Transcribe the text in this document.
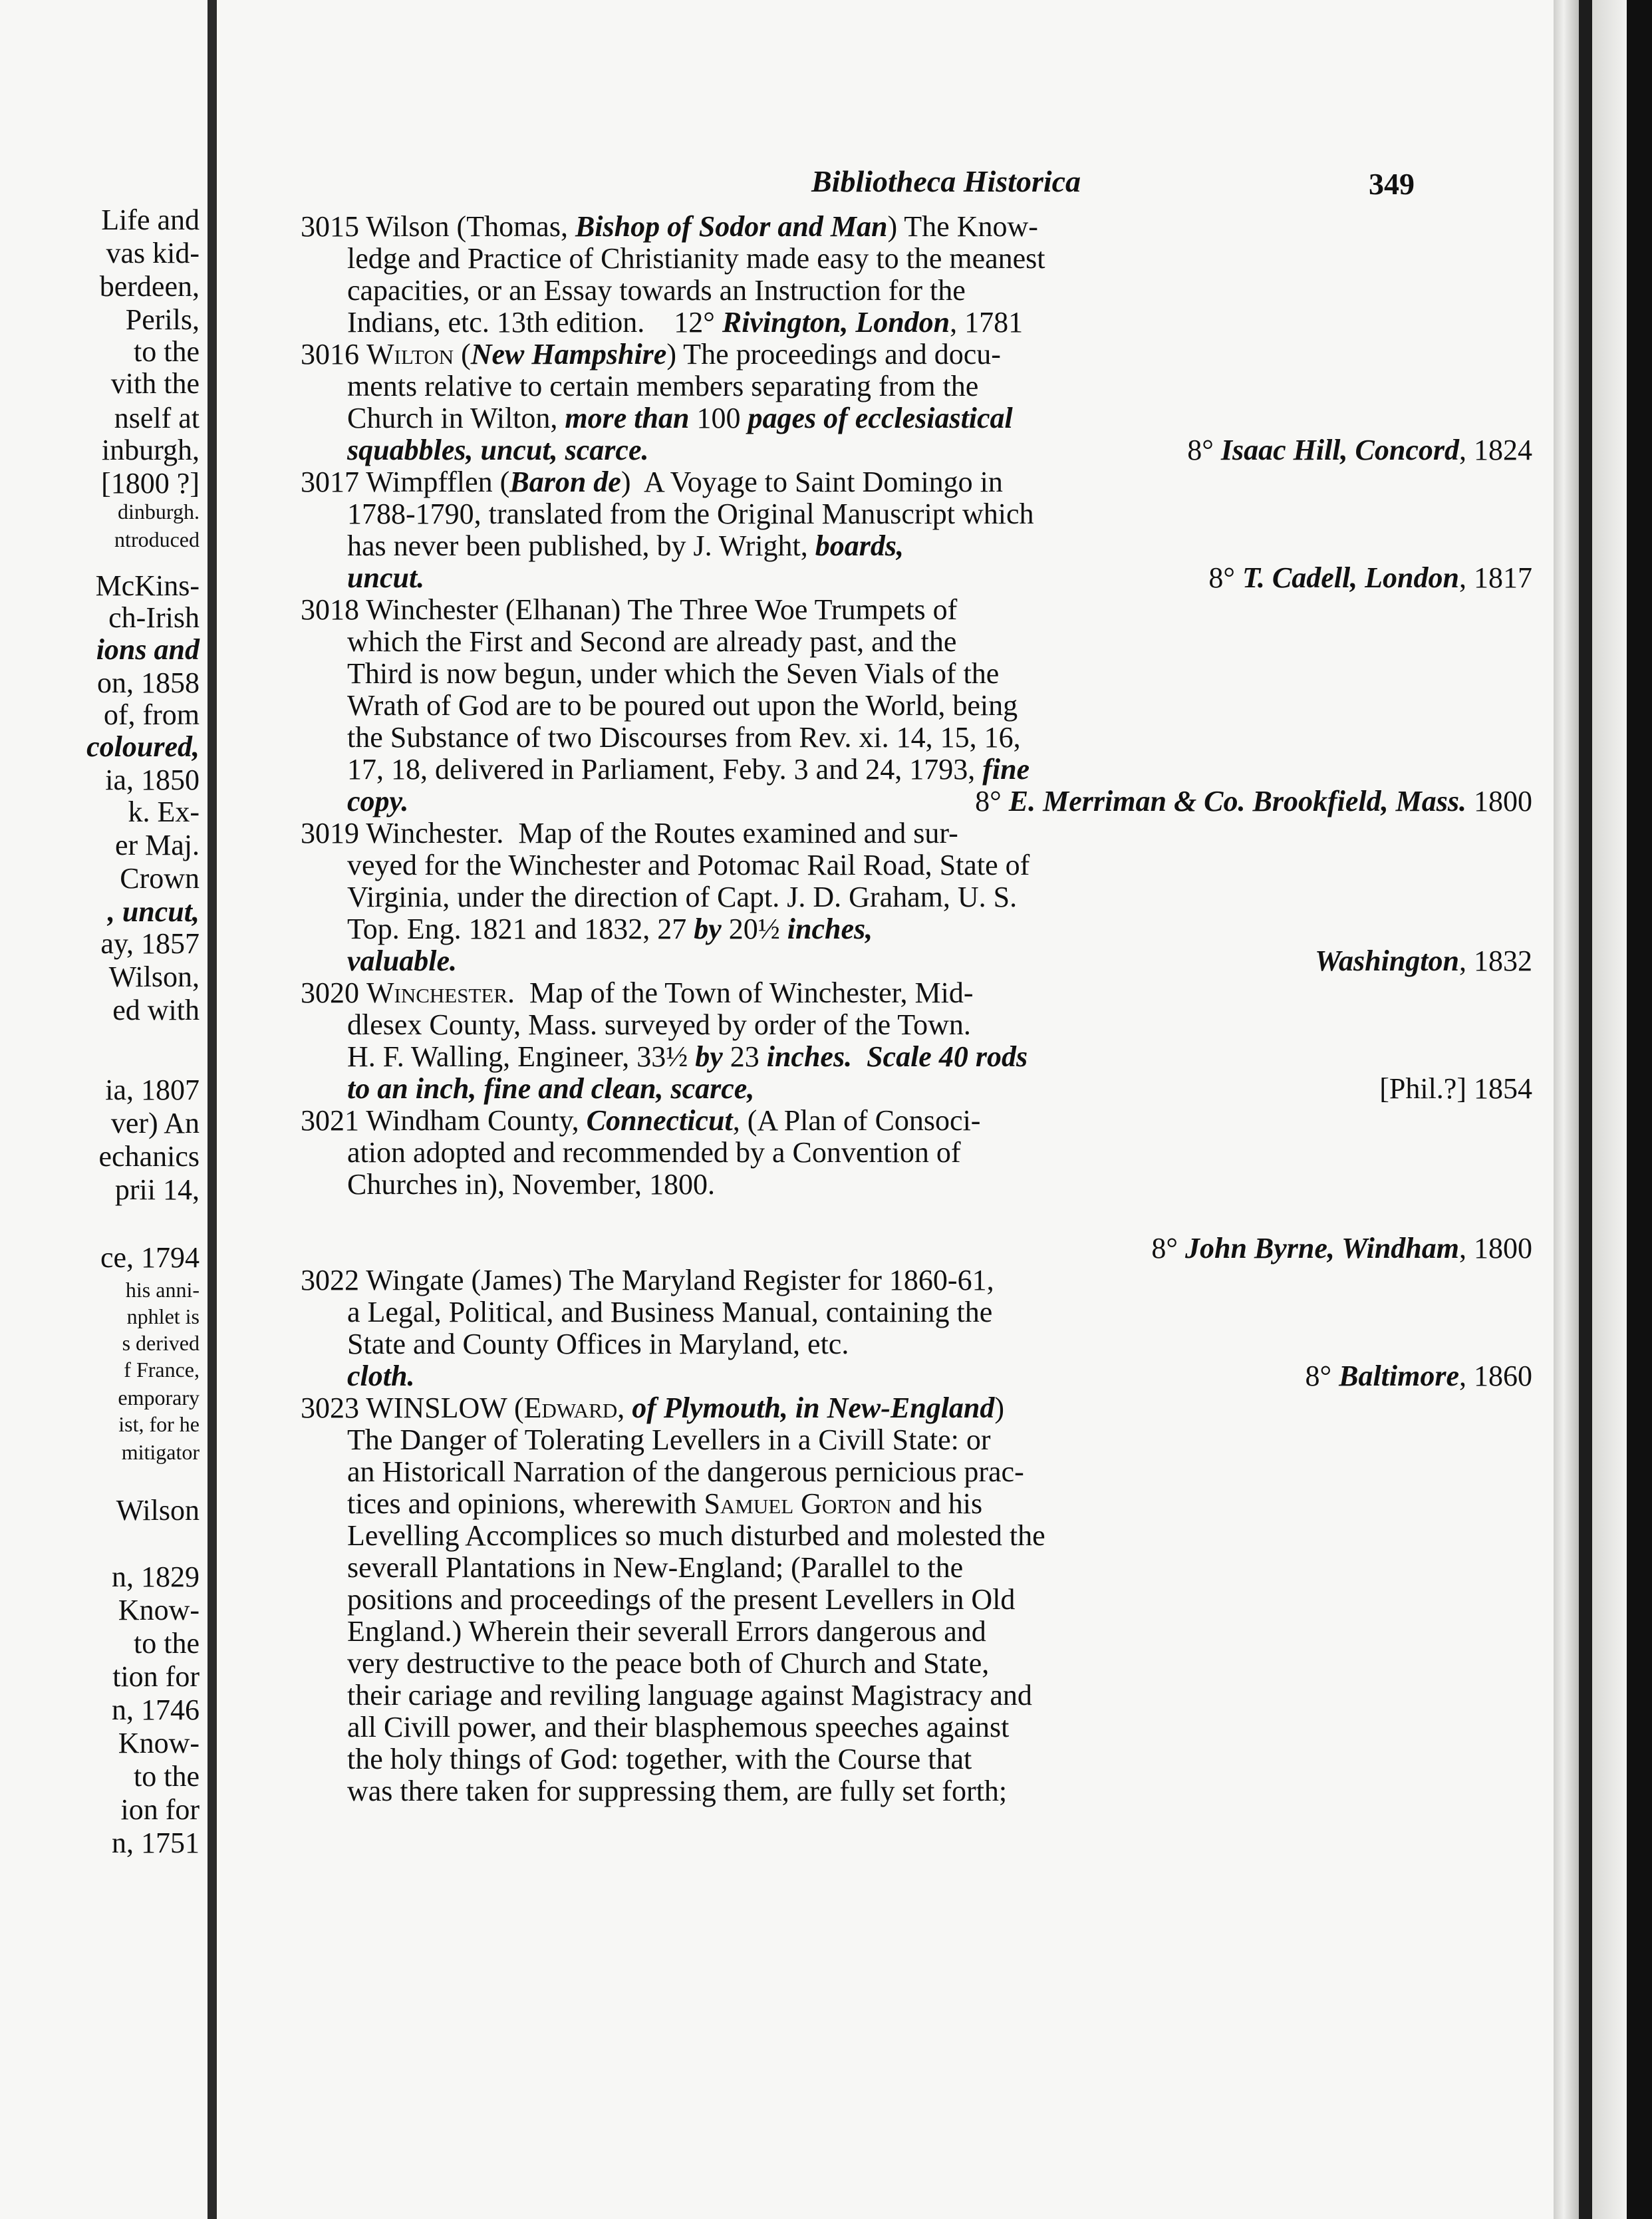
Life and
vas kid-
berdeen,
Perils,
to the
vith the
nself at
inburgh,
[1800 ?]
dinburgh.
ntroduced
McKins-
ch-Irish
ions and
on, 1858
of, from
coloured,
ia, 1850
k. Ex-
er Maj.
Crown
, uncut,
ay, 1857
Wilson,
ed with
ia, 1807
ver) An
echanics
prii 14,
ce, 1794
his anni-
nphlet is
s derived
f France,
emporary
ist, for he
mitigator
Wilson
n, 1829
Know-
to the
tion for
n, 1746
Know-
to the
ion for
n, 1751
Bibliotheca Historica	349
3015 Wilson (Thomas, Bishop of Sodor and Man) The Know-
ledge and Practice of Christianity made easy to the meanest
capacities, or an Essay towards an Instruction for the
Indians, etc. 13th edition.    12° Rivington, London, 1781
3016 Wilton (New Hampshire) The proceedings and docu-
ments relative to certain members separating from the
Church in Wilton, more than 100 pages of ecclesiastical
squabbles, uncut, scarce.	8° Isaac Hill, Concord, 1824
3017 Wimpfflen (Baron de)  A Voyage to Saint Domingo in
1788-1790, translated from the Original Manuscript which
has never been published, by J. Wright, boards,
uncut.	8° T. Cadell, London, 1817
3018 Winchester (Elhanan) The Three Woe Trumpets of
which the First and Second are already past, and the
Third is now begun, under which the Seven Vials of the
Wrath of God are to be poured out upon the World, being
the Substance of two Discourses from Rev. xi. 14, 15, 16,
17, 18, delivered in Parliament, Feby. 3 and 24, 1793, fine
copy.	8° E. Merriman & Co. Brookfield, Mass. 1800
3019 Winchester.  Map of the Routes examined and sur-
veyed for the Winchester and Potomac Rail Road, State of
Virginia, under the direction of Capt. J. D. Graham, U. S.
Top. Eng. 1821 and 1832, 27 by 20½ inches,
valuable.	Washington, 1832
3020 Winchester.  Map of the Town of Winchester, Mid-
dlesex County, Mass. surveyed by order of the Town.
H. F. Walling, Engineer, 33½ by 23 inches.  Scale 40 rods
to an inch, fine and clean, scarce,	[Phil.?] 1854
3021 Windham County, Connecticut, (A Plan of Consoci-
ation adopted and recommended by a Convention of
Churches in), November, 1800.
8° John Byrne, Windham, 1800
3022 Wingate (James) The Maryland Register for 1860-61,
a Legal, Political, and Business Manual, containing the
State and County Offices in Maryland, etc.
cloth.	8° Baltimore, 1860
3023 WINSLOW (Edward, of Plymouth, in New-England)
The Danger of Tolerating Levellers in a Civill State: or
an Historicall Narration of the dangerous pernicious prac-
tices and opinions, wherewith Samuel Gorton and his
Levelling Accomplices so much disturbed and molested the
severall Plantations in New-England; (Parallel to the
positions and proceedings of the present Levellers in Old
England.) Wherein their severall Errors dangerous and
very destructive to the peace both of Church and State,
their cariage and reviling language against Magistracy and
all Civill power, and their blasphemous speeches against
the holy things of God: together, with the Course that
was there taken for suppressing them, are fully set forth;
